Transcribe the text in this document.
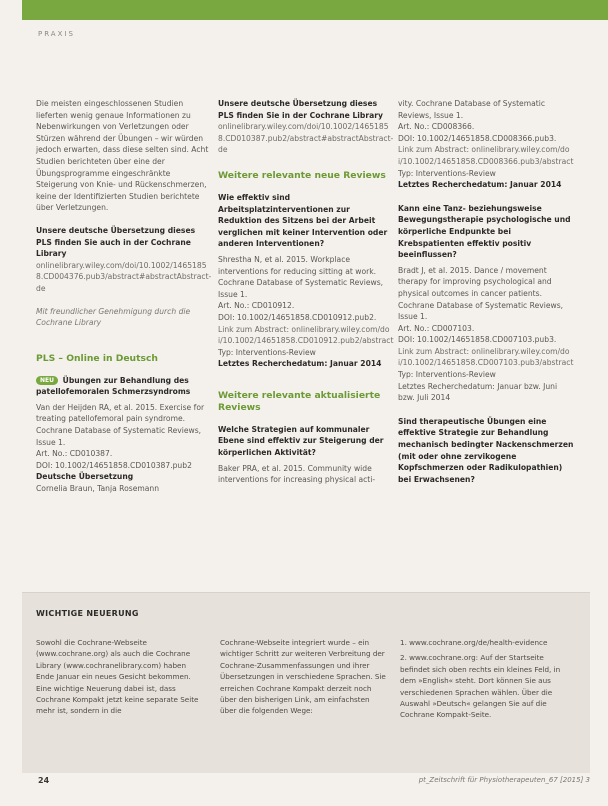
PRAXIS

Die meisten eingeschlossenen Studien lieferten wenig genaue Informationen zu Nebenwirkungen von Verletzungen oder Stürzen während der Übungen – wir würden jedoch erwarten, dass diese selten sind. Acht Studien berichteten über eine der Übungsprogramme eingeschränkte Steigerung von Knie- und Rückenschmerzen, keine der Identifizierten Studien berichtete über Verletzungen.

Unsere deutsche Übersetzung dieses PLS finden Sie auch in der Cochrane Library

onlinelibrary.wiley.com/doi/10.1002/14651858.CD004376.pub3/abstract#abstractAbstract-de

Mit freundlicher Genehmigung durch die Cochrane Library

PLS – Online in Deutsch
NEU Übungen zur Behandlung des patellofemoralen Schmerzsyndroms
Van der Heijden RA, et al. 2015. Exercise for treating patellofemoral pain syndrome. Cochrane Database of Systematic Reviews, Issue 1.
Art. No.: CD010387.
DOI: 10.1002/14651858.CD010387.pub2
Deutsche Übersetzung
Cornelia Braun, Tanja Rosemann

Unsere deutsche Übersetzung dieses PLS finden Sie in der Cochrane Library

onlinelibrary.wiley.com/doi/10.1002/14651858.CD010387.pub2/abstract#abstractAbstract-de

Weitere relevante neue Reviews
Wie effektiv sind Arbeitsplatzinterventionen zur Reduktion des Sitzens bei der Arbeit verglichen mit keiner Intervention oder anderen Interventionen?
Shrestha N, et al. 2015. Workplace interventions for reducing sitting at work. Cochrane Database of Systematic Reviews, Issue 1.
Art. No.: CD010912.
DOI: 10.1002/14651858.CD010912.pub2.
Link zum Abstract: onlinelibrary.wiley.com/doi/10.1002/14651858.CD010912.pub2/abstract
Typ: Interventions-Review
Letztes Recherchedatum: Januar 2014
Weitere relevante aktualisierte Reviews
Welche Strategien auf kommunaler Ebene sind effektiv zur Steigerung der körperlichen Aktivität?
Baker PRA, et al. 2015. Community wide interventions for increasing physical acti-
vity. Cochrane Database of Systematic Reviews, Issue 1.
Art. No.: CD008366.
DOI: 10.1002/14651858.CD008366.pub3.
Link zum Abstract: onlinelibrary.wiley.com/doi/10.1002/14651858.CD008366.pub3/abstract
Typ: Interventions-Review
Letztes Recherchedatum: Januar 2014
Kann eine Tanz- beziehungsweise Bewegungstherapie psychologische und körperliche Endpunkte bei Krebspatienten effektiv positiv beeinflussen?
Bradt J, et al. 2015. Dance / movement therapy for improving psychological and physical outcomes in cancer patients. Cochrane Database of Systematic Reviews, Issue 1.
Art. No.: CD007103.
DOI: 10.1002/14651858.CD007103.pub3.
Link zum Abstract: onlinelibrary.wiley.com/doi/10.1002/14651858.CD007103.pub3/abstract
Typ: Interventions-Review
Letztes Recherchedatum: Januar bzw. Juni bzw. Juli 2014
Sind therapeutische Übungen eine effektive Strategie zur Behandlung mechanisch bedingter Nackenschmerzen (mit oder ohne zervikogene Kopfschmerzen oder Radikulopathien) bei Erwachsenen?
WICHTIGE NEUERUNG
Sowohl die Cochrane-Webseite (www.cochrane.org) als auch die Cochrane Library (www.cochranelibrary.com) haben Ende Januar ein neues Gesicht bekommen. Eine wichtige Neuerung dabei ist, dass Cochrane Kompakt jetzt keine separate Seite mehr ist, sondern in die
Cochrane-Webseite integriert wurde – ein wichtiger Schritt zur weiteren Verbreitung der Cochrane-Zusammenfassungen und ihrer Übersetzungen in verschiedene Sprachen. Sie erreichen Cochrane Kompakt derzeit noch über den bisherigen Link, am einfachsten über die folgenden Wege:
1. www.cochrane.org/de/health-evidence
2. www.cochrane.org: Auf der Startseite befindet sich oben rechts ein kleines Feld, in dem »English« steht. Dort können Sie aus verschiedenen Sprachen wählen. Über die Auswahl »Deutsch« gelangen Sie auf die Cochrane Kompakt-Seite.
24	pt_Zeitschrift für Physiotherapeuten_67 [2015] 3
